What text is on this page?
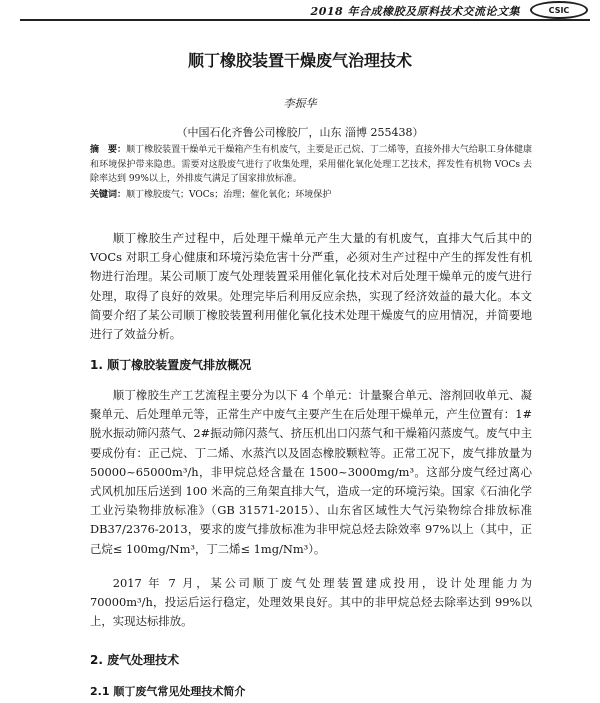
2018 年合成橡胶及原料技术交流论文集	CSIC
顺丁橡胶装置干燥废气治理技术
李振华
（中国石化齐鲁公司橡胶厂，山东 淄博 255438）
摘　要：顺丁橡胶装置干燥单元干燥箱产生有机废气，主要是正己烷、丁二烯等，直接外排大气给职工身体健康和环境保护带来隐患。需要对这股废气进行了收集处理，采用催化氧化处理工艺技术，挥发性有机物 VOCs 去除率达到 99%以上，外排废气满足了国家排放标准。
关键词：顺丁橡胶废气；VOCs；治理；催化氧化；环境保护
顺丁橡胶生产过程中，后处理干燥单元产生大量的有机废气，直排大气后其中的 VOCs 对职工身心健康和环境污染危害十分严重，必须对生产过程中产生的挥发性有机物进行治理。某公司顺丁废气处理装置采用催化氧化技术对后处理干燥单元的废气进行处理，取得了良好的效果。处理完毕后利用反应余热，实现了经济效益的最大化。本文简要介绍了某公司顺丁橡胶装置利用催化氧化技术处理干燥废气的应用情况，并简要地进行了效益分析。
1. 顺丁橡胶装置废气排放概况
顺丁橡胶生产工艺流程主要分为以下 4 个单元：计量聚合单元、溶剂回收单元、凝聚单元、后处理单元等，正常生产中废气主要产生在后处理干燥单元，产生位置有：1#脱水振动筛闪蒸气、2#振动筛闪蒸气、挤压机出口闪蒸气和干燥箱闪蒸废气。废气中主要成份有：正己烷、丁二烯、水蒸汽以及固态橡胶颗粒等。正常工况下，废气排放量为 50000~65000m³/h，非甲烷总烃含量在 1500~3000mg/m³。这部分废气经过离心式风机加压后送到 100 米高的三角架直排大气，造成一定的环境污染。国家《石油化学工业污染物排放标准》（GB 31571-2015）、山东省区域性大气污染物综合排放标准 DB37/2376-2013，要求的废气排放标准为非甲烷总烃去除效率 97%以上（其中，正己烷≤ 100mg/Nm³，丁二烯≤ 1mg/Nm³）。
2017 年 7 月，某公司顺丁废气处理装置建成投用，设计处理能力为 70000m³/h，投运后运行稳定，处理效果良好。其中的非甲烷总烃去除率达到 99%以上，实现达标排放。
2. 废气处理技术
2.1 顺丁废气常见处理技术简介
